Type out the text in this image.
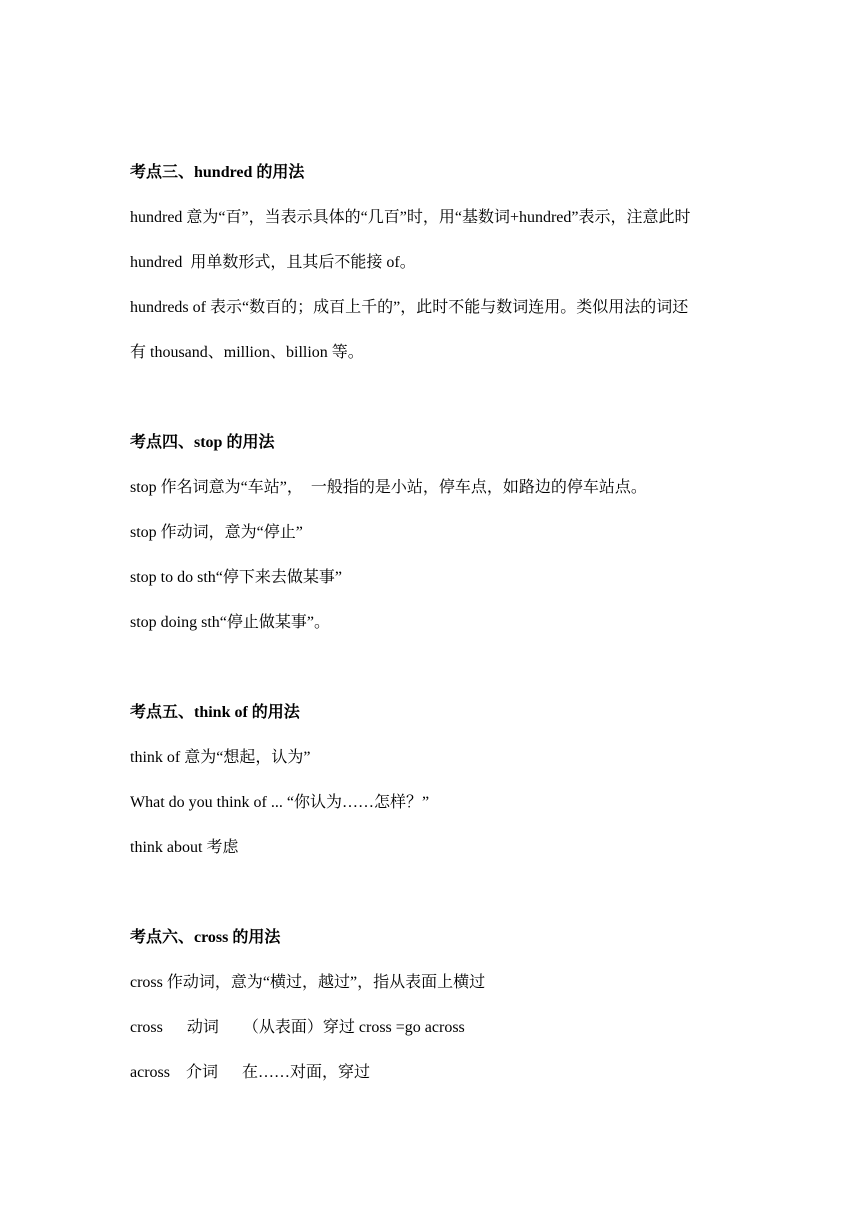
考点三、hundred 的用法
hundred 意为“百”，当表示具体的“几百”时，用“基数词+hundred”表示，注意此时
hundred  用单数形式，且其后不能接 of。
hundreds of 表示“数百的；成百上千的”，此时不能与数词连用。类似用法的词还
有 thousand、million、billion 等。
考点四、stop 的用法
stop 作名词意为“车站”，  一般指的是小站，停车点，如路边的停车站点。
stop 作动词，意为“停止”
stop to do sth“停下来去做某事”
stop doing sth“停止做某事”。
考点五、think of 的用法
think of 意为“想起，认为”
What do you think of ... “你认为……怎样？”
think about 考虑
考点六、cross 的用法
cross 作动词，意为“横过，越过”，指从表面上横过
cross      动词      （从表面）穿过 cross =go across
across    介词      在……对面，穿过
